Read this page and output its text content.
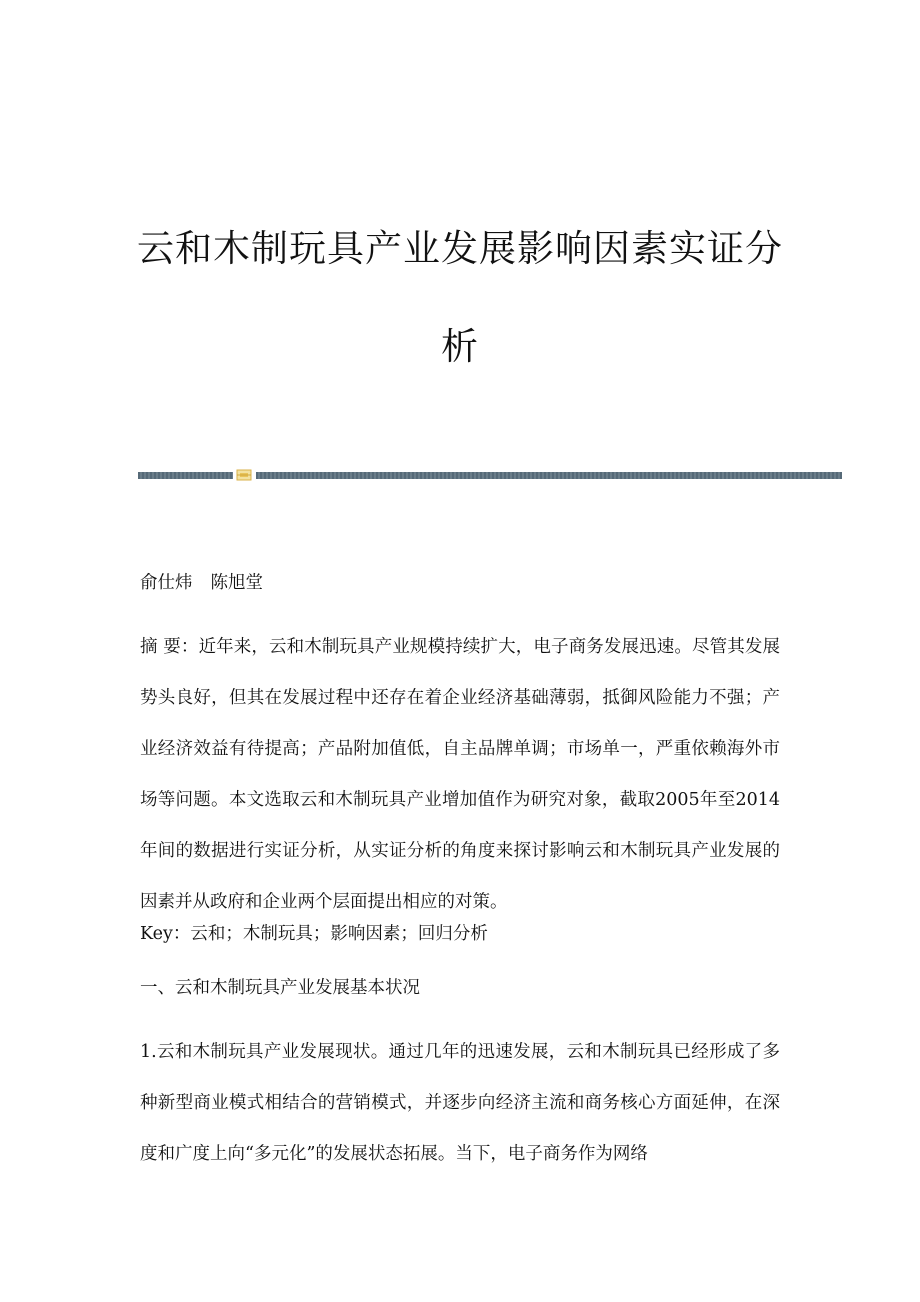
云和木制玩具产业发展影响因素实证分
析

俞仕炜 陈旭堂

摘 要：近年来，云和木制玩具产业规模持续扩大，电子商务发展迅速。尽管其发展势头良好，但其在发展过程中还存在着企业经济基础薄弱，抵御风险能力不强；产业经济效益有待提高；产品附加值低，自主品牌单调；市场单一，严重依赖海外市场等问题。本文选取云和木制玩具产业增加值作为研究对象，截取2005年至2014年间的数据进行实证分析，从实证分析的角度来探讨影响云和木制玩具产业发展的因素并从政府和企业两个层面提出相应的对策。

Key：云和；木制玩具；影响因素；回归分析

一、云和木制玩具产业发展基本状况

1.云和木制玩具产业发展现状。通过几年的迅速发展，云和木制玩具已经形成了多种新型商业模式相结合的营销模式，并逐步向经济主流和商务核心方面延伸，在深度和广度上向“多元化”的发展状态拓展。当下，电子商务作为网络
